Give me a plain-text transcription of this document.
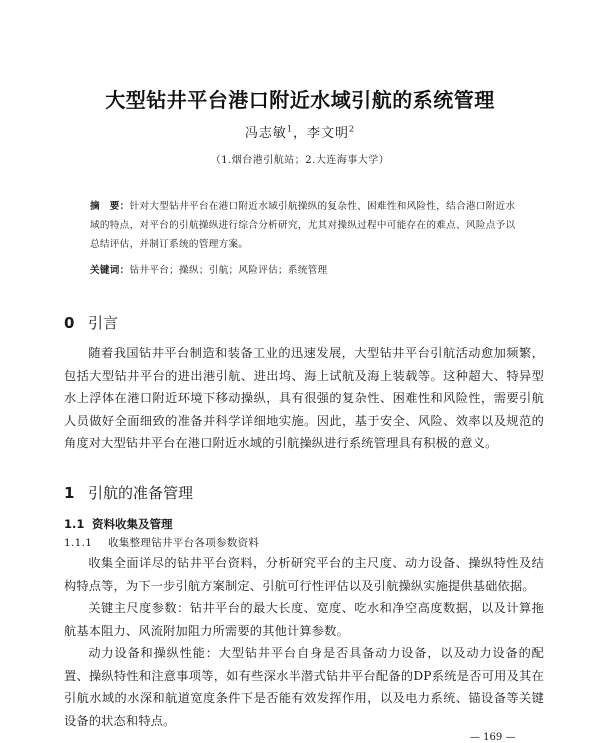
大型钻井平台港口附近水域引航的系统管理
冯志敏$^1$，李文明$^2$
（1.烟台港引航站；2.大连海事大学）
摘　要：针对大型钻井平台在港口附近水域引航操纵的复杂性、困难性和风险性，结合港口附近水域的特点，对平台的引航操纵进行综合分析研究，尤其对操纵过程中可能存在的难点、风险点予以总结评估，并制订系统的管理方案。
关键词：钻井平台；操纵；引航；风险评估；系统管理
0 引言
随着我国钻井平台制造和装备工业的迅速发展，大型钻井平台引航活动愈加频繁，包括大型钻井平台的进出港引航、进出坞、海上试航及海上装载等。这种超大、特异型水上浮体在港口附近环境下移动操纵，具有很强的复杂性、困难性和风险性，需要引航人员做好全面细致的准备并科学详细地实施。因此，基于安全、风险、效率以及规范的角度对大型钻井平台在港口附近水域的引航操纵进行系统管理具有积极的意义。
1 引航的准备管理
1.1 资料收集及管理
1.1.1 收集整理钻井平台各项参数资料
收集全面详尽的钻井平台资料，分析研究平台的主尺度、动力设备、操纵特性及结构特点等，为下一步引航方案制定、引航可行性评估以及引航操纵实施提供基础依据。
关键主尺度参数：钻井平台的最大长度、宽度、吃水和净空高度数据，以及计算拖航基本阻力、风流附加阻力所需要的其他计算参数。
动力设备和操纵性能：大型钻井平台自身是否具备动力设备，以及动力设备的配置、操纵特性和注意事项等，如有些深水半潜式钻井平台配备的DP系统是否可用及其在引航水域的水深和航道宽度条件下是否能有效发挥作用，以及电力系统、锚设备等关键设备的状态和特点。
— 169 —
